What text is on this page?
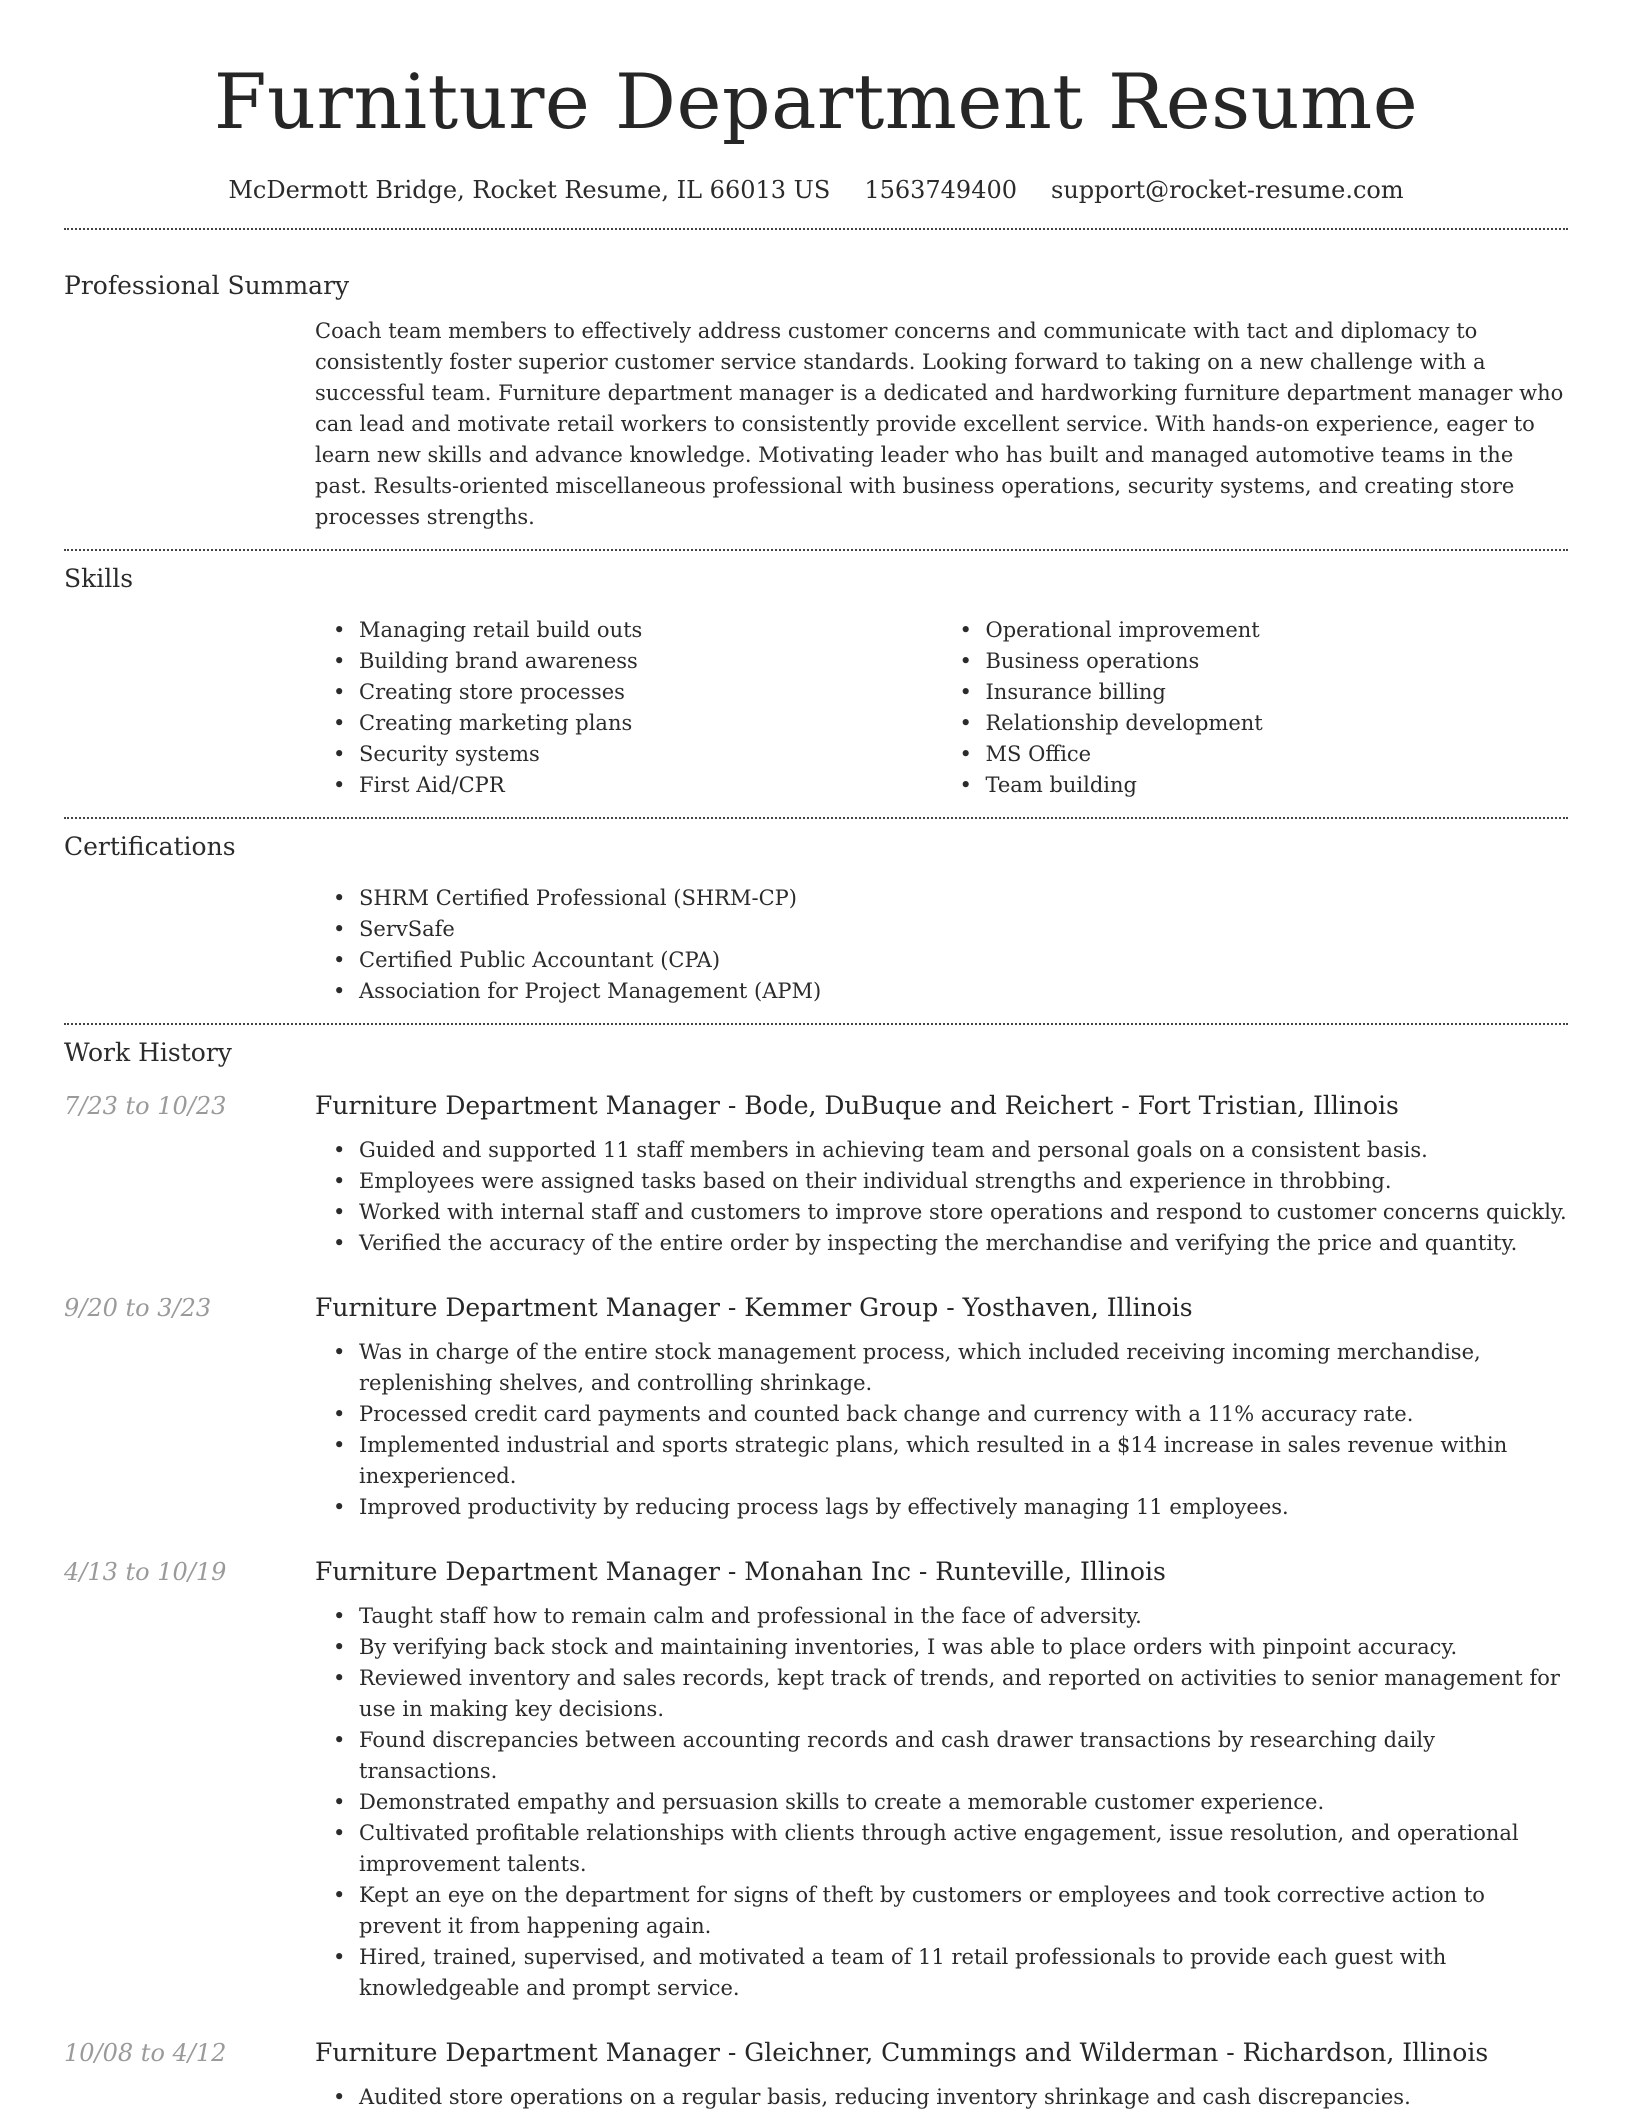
Furniture Department Resume
McDermott Bridge, Rocket Resume, IL 66013 US 1563749400 support@rocket-resume.com
Professional Summary

Coach team members to effectively address customer concerns and communicate with tact and diplomacy to consistently foster superior customer service standards. Looking forward to taking on a new challenge with a successful team. Furniture department manager is a dedicated and hardworking furniture department manager who can lead and motivate retail workers to consistently provide excellent service. With hands-on experience, eager to learn new skills and advance knowledge. Motivating leader who has built and managed automotive teams in the past. Results-oriented miscellaneous professional with business operations, security systems, and creating store processes strengths.

Skills
• Managing retail build outs
• Building brand awareness
• Creating store processes
• Creating marketing plans
• Security systems
• First Aid/CPR
• Operational improvement
• Business operations
• Insurance billing
• Relationship development
• MS Office
• Team building
Certifications
• SHRM Certified Professional (SHRM-CP)
• ServSafe
• Certified Public Accountant (CPA)
• Association for Project Management (APM)
Work History
7/23 to 10/23	Furniture Department Manager - Bode, DuBuque and Reichert - Fort Tristian, Illinois
• Guided and supported 11 staff members in achieving team and personal goals on a consistent basis.
• Employees were assigned tasks based on their individual strengths and experience in throbbing.
• Worked with internal staff and customers to improve store operations and respond to customer concerns quickly.
• Verified the accuracy of the entire order by inspecting the merchandise and verifying the price and quantity.
9/20 to 3/23	Furniture Department Manager - Kemmer Group - Yosthaven, Illinois
• Was in charge of the entire stock management process, which included receiving incoming merchandise, replenishing shelves, and controlling shrinkage.
• Processed credit card payments and counted back change and currency with a 11% accuracy rate.
• Implemented industrial and sports strategic plans, which resulted in a $14 increase in sales revenue within inexperienced.
• Improved productivity by reducing process lags by effectively managing 11 employees.
4/13 to 10/19	Furniture Department Manager - Monahan Inc - Runteville, Illinois
• Taught staff how to remain calm and professional in the face of adversity.
• By verifying back stock and maintaining inventories, I was able to place orders with pinpoint accuracy.
• Reviewed inventory and sales records, kept track of trends, and reported on activities to senior management for use in making key decisions.
• Found discrepancies between accounting records and cash drawer transactions by researching daily transactions.
• Demonstrated empathy and persuasion skills to create a memorable customer experience.
• Cultivated profitable relationships with clients through active engagement, issue resolution, and operational improvement talents.
• Kept an eye on the department for signs of theft by customers or employees and took corrective action to prevent it from happening again.
• Hired, trained, supervised, and motivated a team of 11 retail professionals to provide each guest with knowledgeable and prompt service.
10/08 to 4/12	Furniture Department Manager - Gleichner, Cummings and Wilderman - Richardson, Illinois
• Audited store operations on a regular basis, reducing inventory shrinkage and cash discrepancies.
